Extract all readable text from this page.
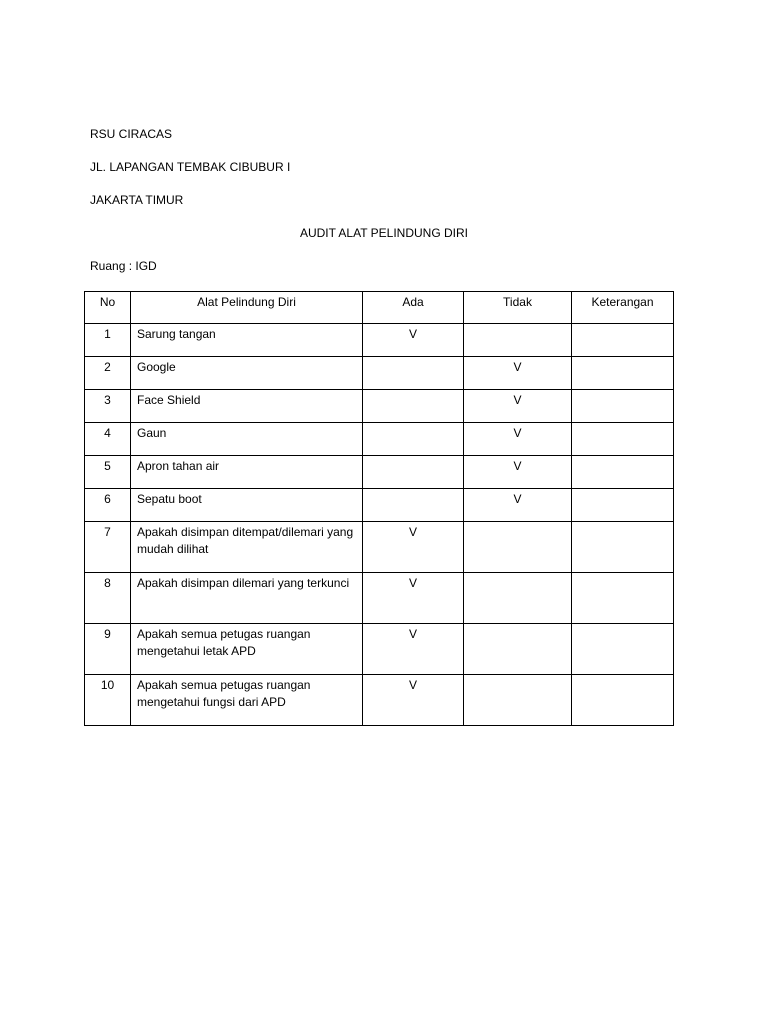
RSU CIRACAS
JL. LAPANGAN TEMBAK CIBUBUR I
JAKARTA TIMUR
AUDIT ALAT PELINDUNG DIRI
Ruang : IGD
No	Alat Pelindung Diri	Ada	Tidak	Keterangan
1	Sarung tangan	V		
2	Google		V	
3	Face Shield		V	
4	Gaun		V	
5	Apron tahan air		V	
6	Sepatu boot		V	
7	Apakah disimpan ditempat/dilemari yang mudah dilihat	V		
8	Apakah disimpan dilemari yang terkunci	V		
9	Apakah semua petugas ruangan mengetahui letak APD	V		
10	Apakah semua petugas ruangan mengetahui fungsi dari APD	V		
